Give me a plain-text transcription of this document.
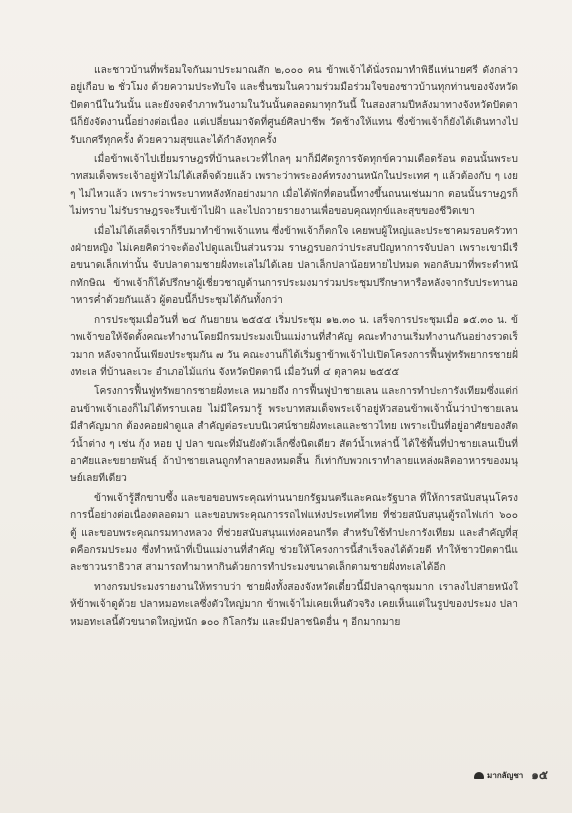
และชาวบ้านที่พร้อมใจกันมาประมาณสัก ๒,๐๐๐ คน ข้าพเจ้าได้นั่งรถมาทำพิธีแห่นายศรี ดังกล่าวอยู่เกือบ ๒ ชั่วโมง ด้วยความประทับใจ และชื่นชมในความร่วมมือร่วมใจของชาวบ้านทุกท่านของจังหวัดปัตตานีในวันนั้น และยังจดจำภาพวันงามในวันนั้นตลอดมาทุกวันนี้ ในสองสามปีหลังมาทางจังหวัดปัตตานีก็ยังจัดงานนี้อย่างต่อเนื่อง แต่เปลี่ยนมาจัดที่ศูนย์ศิลปาชีพ วัดช้างให้แทน ซึ่งข้าพเจ้าก็ยังได้เดินทางไปรับเกศรีทุกครั้ง ด้วยความสุขและได้กำลังทุกครั้ง

เมื่อข้าพเจ้าไปเยี่ยมราษฎรที่บ้านละเวะที่ไกลๆ มาก็มีศัตรูการจัดทุกข์ความเดือดร้อน ตอนนั้นพระบาทสมเด็จพระเจ้าอยู่หัวไม่ได้เสด็จด้วยแล้ว เพราะว่าพระองค์ทรงงานหนักในประเทศ ๆ แล้วต้องกับ ๆ เงย ๆ ไม่ไหวแล้ว เพราะว่าพระบาทหลังหักอย่างมาก เมื่อได้พักที่ตอนนี้ทางขึ้นถนนเช่นมาก ตอนนั้นราษฎรก็ไม่ทราบ ไม่รับราษฎรจะรีบเข้าไปฝ้า และไปถวายรายงานเพื่อขอบคุณทุกข์และสุขของชีวิตเขา

เมื่อไม่ได้เสด็จเราก็รีบมาทำข้าพเจ้าแทน ซึ่งข้าพเจ้าก็ตกใจ เคยพบผู้ใหญ่และประชาคมรอบครัวทางฝ่ายหญิง ไม่เคยคิดว่าจะต้องไปดูแลเป็นส่วนรวม ราษฎรบอกว่าประสบปัญหาการจับปลา เพราะเขามีเรือขนาดเล็กเท่านั้น จับปลาตามชายฝั่งทะเลไม่ได้เลย ปลาเล็กปลาน้อยหายไปหมด พอกลับมาที่พระตำหนักทักษิณ ข้าพเจ้าก็ได้ปรึกษาผู้เชี่ยวชาญด้านการประมงมาร่วมประชุมปรึกษาหารือหลังจากรับประทานอาหารค่ำด้วยกันแล้ว ผู้ตอบนี้ก็ประชุมได้กันทั้งกว่า

การประชุมเมื่อวันที่ ๒๔ กันยายน ๒๕๕๕ เริ่มประชุม ๑๒.๓๐ น. เสร็จการประชุมเมื่อ ๑๕.๓๐ น. ข้าพเจ้าขอให้จัดตั้งคณะทำงานโดยมีกรมประมงเป็นแม่งานที่สำคัญ คณะทำงานเริ่มทำงานกันอย่างรวดเร็วมาก หลังจากนั้นเพียงประชุมกัน ๗ วัน คณะงานก็ได้เริ่มฐาข้าพเจ้าไปเปิดโครงการฟื้นฟูทรัพยากรชายฝั่งทะเล ที่บ้านละเวะ อำเภอไม้แก่น จังหวัดปัตตานี เมื่อวันที่ ๔ ตุลาคม ๒๕๕๕

โครงการฟื้นฟูทรัพยากรชายฝั่งทะเล หมายถึง การฟื้นฟูป่าชายเลน และการทำปะการังเทียมซึ่งแต่ก่อนข้าพเจ้าเองก็ไม่ได้ทราบเลย ไม่มีใครมารู้ พระบาทสมเด็จพระเจ้าอยู่หัวสอนข้าพเจ้านั้นว่าป่าชายเลนมีสำคัญมาก ต้องคอยฝ่าดูแล สำคัญต่อระบบนิเวศน์ชายฝั่งทะเลและชาวไทย เพราะเป็นที่อยู่อาศัยของสัตว์น้ำต่าง ๆ เช่น กุ้ง หอย ปู ปลา ขณะที่มันยังตัวเล็กซึ่งนิดเดียว สัตว์น้ำเหล่านี้ ได้ใช้พื้นที่ป่าชายเลนเป็นที่อาศัยและขยายพันธุ์ ถ้าป่าชายเลนถูกทำลายลงหมดสิ้น ก็เท่ากับพวกเราทำลายแหล่งผลิตอาหารของมนุษย์เลยทีเดียว

ข้าพเจ้ารู้สึกขาบซึ้ง และขอขอบพระคุณท่านนายกรัฐมนตรีและคณะรัฐบาล ที่ให้การสนับสนุนโครงการนี้อย่างต่อเนื่องตลอดมา และขอบพระคุณการรถไฟแห่งประเทศไทย ที่ช่วยสนับสนุนตู้รถไฟเก่า ๖๐๐ ตู้ และขอบพระคุณกรมทางหลวง ที่ช่วยสนับสนุนแท่งคอนกรีต สำหรับใช้ทำปะการังเทียม และสำคัญที่สุดคือกรมประมง ซึ่งทำหน้าที่เป็นแม่งานที่สำคัญ ช่วยให้โครงการนี้สำเร็จลงได้ด้วยดี ทำให้ชาวปัตตานีและชาวนราธิวาส สามารถทำมาหากินด้วยการทำประมงขนาดเล็กตามชายฝั่งทะเลได้อีก

ทางกรมประมงรายงานให้ทราบว่า ชายฝั่งทั้งสองจังหวัดเดี๋ยวนี้มีปลาฉุกชุมมาก เราลงไปสายหนังให้ข้าพเจ้าดูด้วย ปลาหมอทะเลซึ่งตัวใหญ่มาก ข้าพเจ้าไม่เคยเห็นตัวจริง เคยเห็นแต่ในรูปของประมง ปลาหมอทะเลนี้ตัวขนาดใหญ่หนัก ๑๐๐ กิโลกรัม และมีปลาชนิดอื่น ๆ อีกมากมาย

มากลัญชา ๑๕
